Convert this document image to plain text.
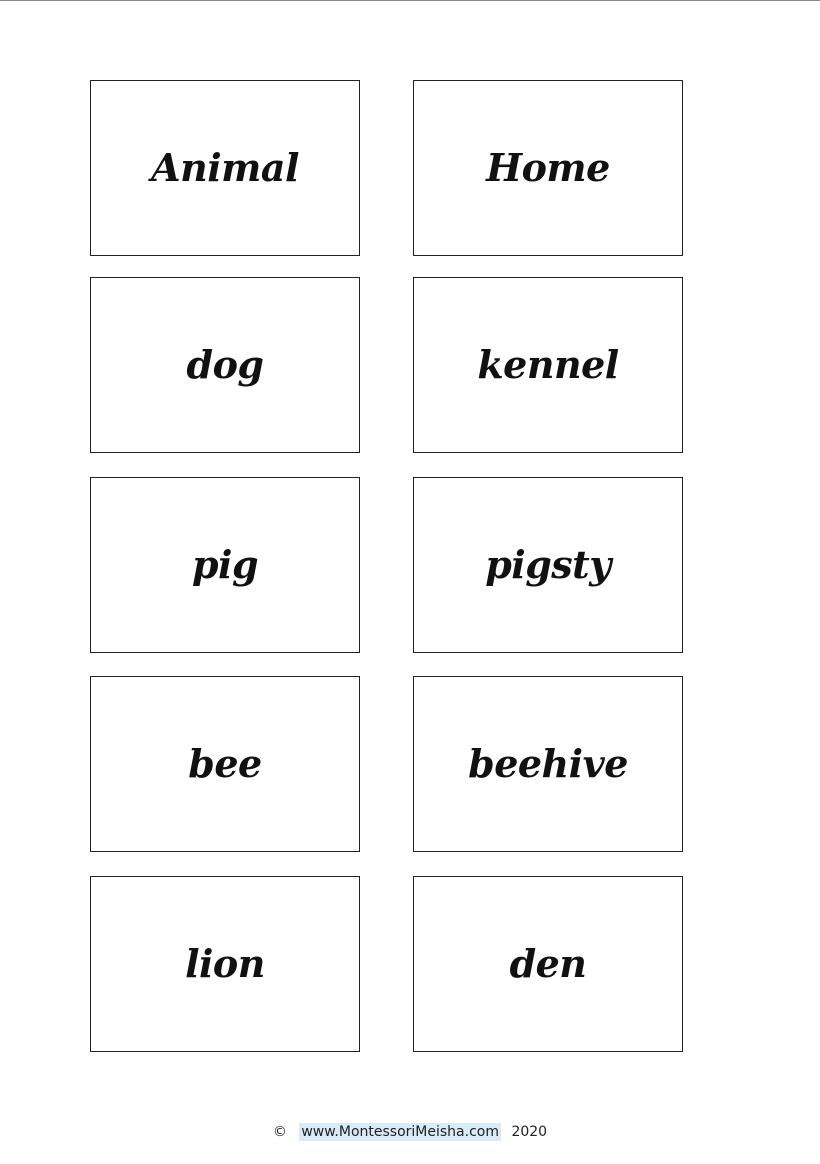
Animal	Home
dog	kennel
pig	pigsty
bee	beehive
lion	den
© www.MontessoriMeisha.com 2020
